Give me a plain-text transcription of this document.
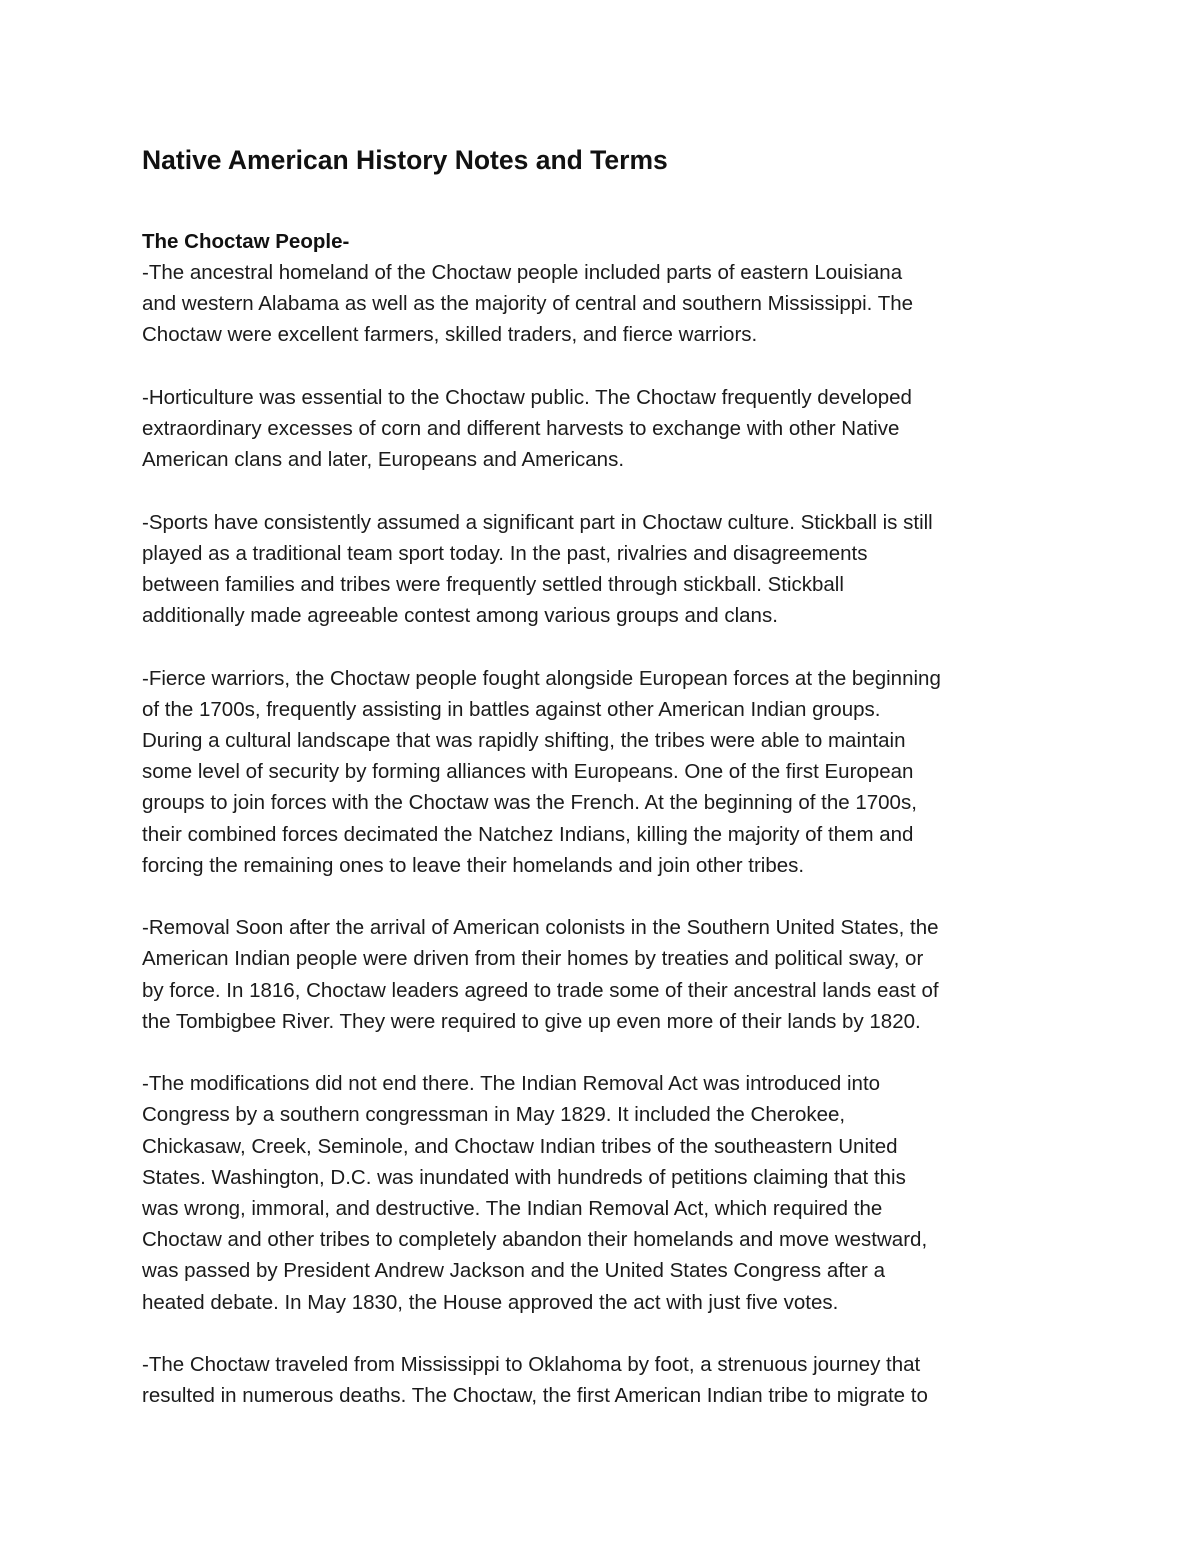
Native American History Notes and Terms
The Choctaw People-

-The ancestral homeland of the Choctaw people included parts of eastern Louisiana
and western Alabama as well as the majority of central and southern Mississippi. The
Choctaw were excellent farmers, skilled traders, and fierce warriors.

-Horticulture was essential to the Choctaw public. The Choctaw frequently developed
extraordinary excesses of corn and different harvests to exchange with other Native
American clans and later, Europeans and Americans.

-Sports have consistently assumed a significant part in Choctaw culture. Stickball is still
played as a traditional team sport today. In the past, rivalries and disagreements
between families and tribes were frequently settled through stickball. Stickball
additionally made agreeable contest among various groups and clans.

-Fierce warriors, the Choctaw people fought alongside European forces at the beginning
of the 1700s, frequently assisting in battles against other American Indian groups.
During a cultural landscape that was rapidly shifting, the tribes were able to maintain
some level of security by forming alliances with Europeans. One of the first European
groups to join forces with the Choctaw was the French. At the beginning of the 1700s,
their combined forces decimated the Natchez Indians, killing the majority of them and
forcing the remaining ones to leave their homelands and join other tribes.

-Removal Soon after the arrival of American colonists in the Southern United States, the
American Indian people were driven from their homes by treaties and political sway, or
by force. In 1816, Choctaw leaders agreed to trade some of their ancestral lands east of
the Tombigbee River. They were required to give up even more of their lands by 1820.

-The modifications did not end there. The Indian Removal Act was introduced into
Congress by a southern congressman in May 1829. It included the Cherokee,
Chickasaw, Creek, Seminole, and Choctaw Indian tribes of the southeastern United
States. Washington, D.C. was inundated with hundreds of petitions claiming that this
was wrong, immoral, and destructive. The Indian Removal Act, which required the
Choctaw and other tribes to completely abandon their homelands and move westward,
was passed by President Andrew Jackson and the United States Congress after a
heated debate. In May 1830, the House approved the act with just five votes.

-The Choctaw traveled from Mississippi to Oklahoma by foot, a strenuous journey that
resulted in numerous deaths. The Choctaw, the first American Indian tribe to migrate to
